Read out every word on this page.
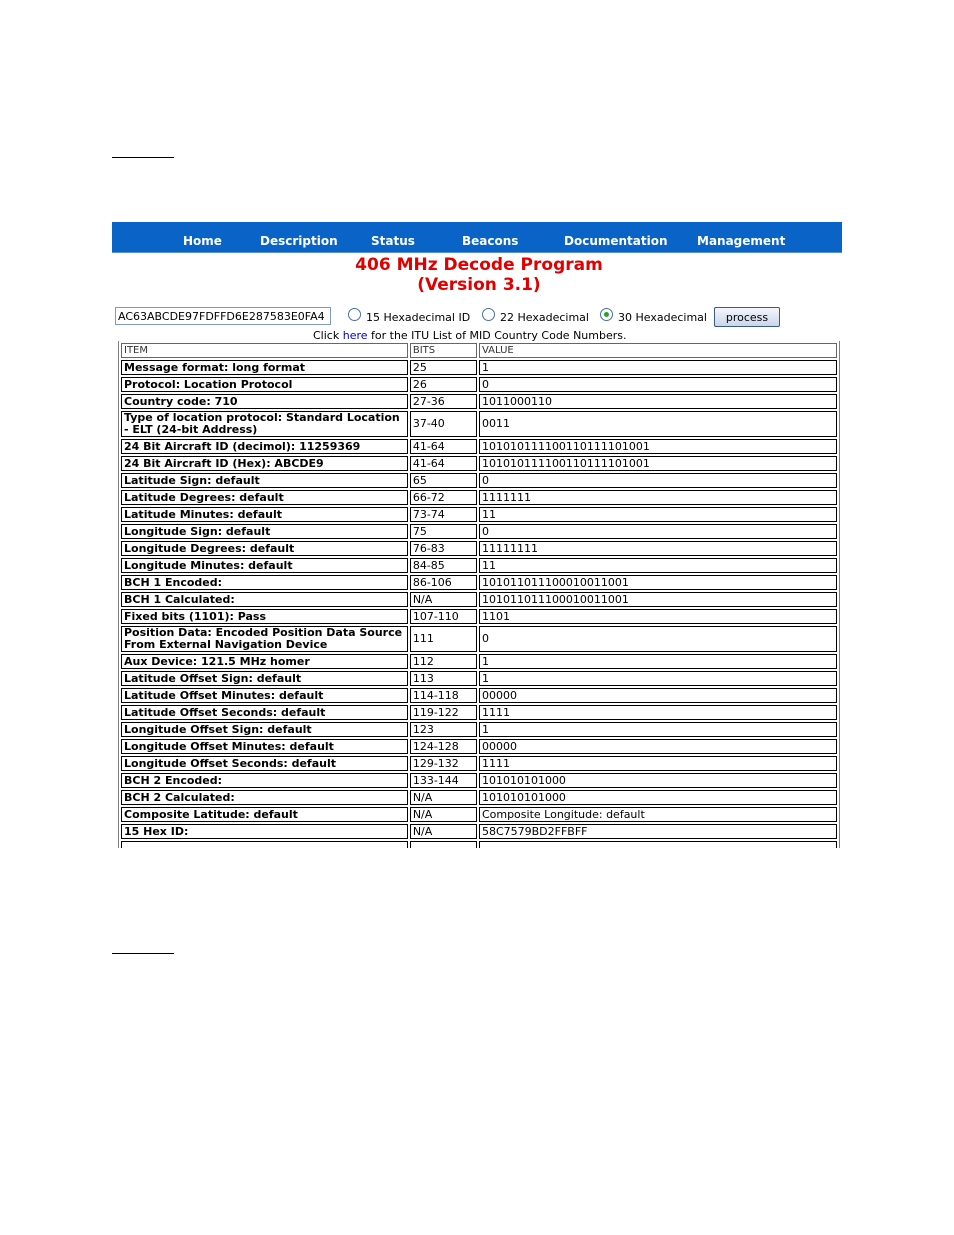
Home	Description	Status	Beacons	Documentation Management
406 MHz Decode Program
(Version 3.1)
AC63ABCDE97FDFFD6E287583E0FA4
15 Hexadecimal ID	22 Hexadecimal	30 Hexadecimal	process
Click here for the ITU List of MID Country Code Numbers.
ITEM	BITS	VALUE
Message format: long format	25	1
Protocol: Location Protocol	26	0
Country code: 710	27-36	1011000110
Type of location protocol: Standard Location - ELT (24-bit Address)	37-40	0011
24 Bit Aircraft ID (decimol): 11259369	41-64	101010111100110111101001
24 Bit Aircraft ID (Hex): ABCDE9	41-64	101010111100110111101001
Latitude Sign: default	65	0
Latitude Degrees: default	66-72	1111111
Latitude Minutes: default	73-74	11
Longitude Sign: default	75	0
Longitude Degrees: default	76-83	11111111
Longitude Minutes: default	84-85	11
BCH 1 Encoded:	86-106	101011011100010011001
BCH 1 Calculated:	N/A	101011011100010011001
Fixed bits (1101): Pass	107-110	1101
Position Data: Encoded Position Data Source From External Navigation Device	111	0
Aux Device: 121.5 MHz homer	112	1
Latitude Offset Sign: default	113	1
Latitude Offset Minutes: default	114-118	00000
Latitude Offset Seconds: default	119-122	1111
Longitude Offset Sign: default	123	1
Longitude Offset Minutes: default	124-128	00000
Longitude Offset Seconds: default	129-132	1111
BCH 2 Encoded:	133-144	101010101000
BCH 2 Calculated:	N/A	101010101000
Composite Latitude: default	N/A	Composite Longitude: default
15 Hex ID:	N/A	58C7579BD2FFBFF
